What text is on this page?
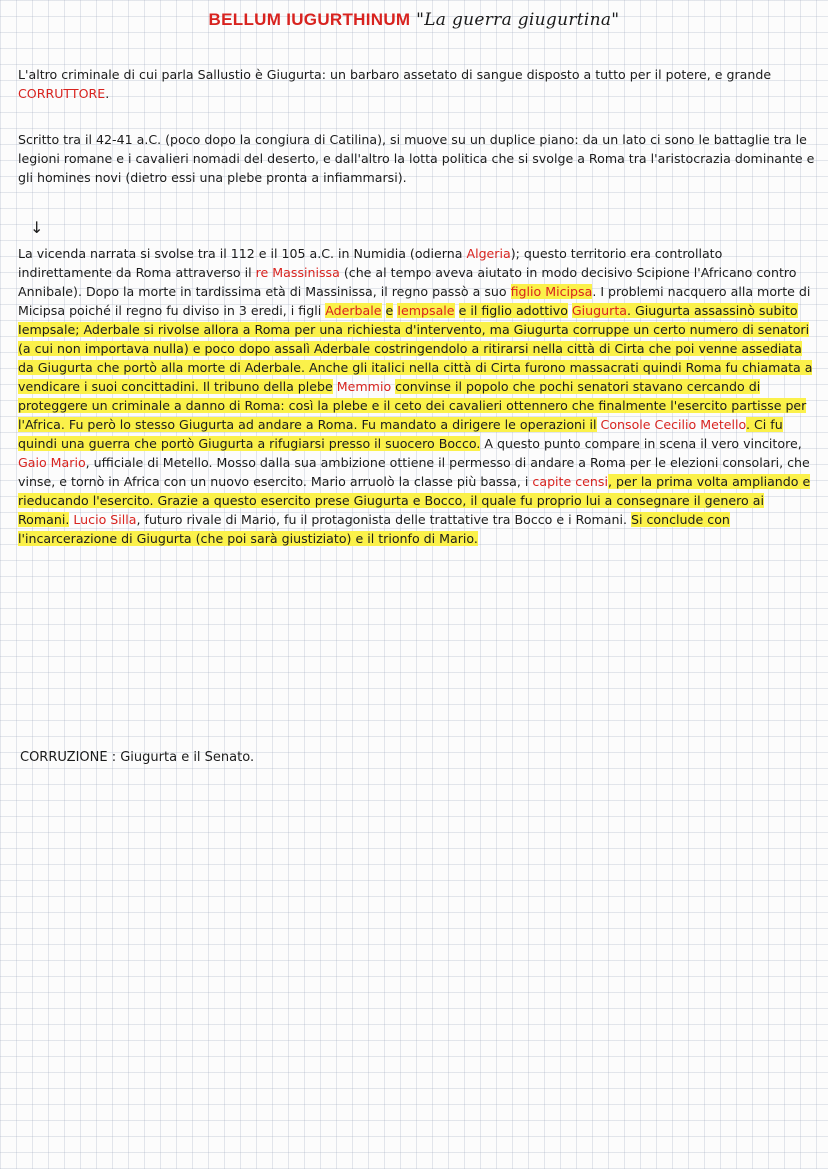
BELLUM IUGURTHINUM "La guerra giugurtina"
L'altro criminale di cui parla Sallustio è Giugurta: un barbaro assetato di sangue disposto a tutto per il potere, e grande CORRUTTORE.
Scritto tra il 42-41 a.C. (poco dopo la congiura di Catilina), si muove su un duplice piano: da un lato ci sono le battaglie tra le legioni romane e i cavalieri nomadi del deserto, e dall'altro la lotta politica che si svolge a Roma tra l'aristocrazia dominante e gli homines novi (dietro essi una plebe pronta a infiammarsi).
↓
La vicenda narrata si svolse tra il 112 e il 105 a.C. in Numidia (odierna Algeria); questo territorio era controllato indirettamente da Roma attraverso il re Massinissa (che al tempo aveva aiutato in modo decisivo Scipione l'Africano contro Annibale). Dopo la morte in tardissima età di Massinissa, il regno passò a suo figlio Micipsa. I problemi nacquero alla morte di Micipsa poiché il regno fu diviso in 3 eredi, i figli Aderbale e Iempsale e il figlio adottivo Giugurta. Giugurta assassinò subito Iempsale; Aderbale si rivolse allora a Roma per una richiesta d'intervento, ma Giugurta corruppe un certo numero di senatori (a cui non importava nulla) e poco dopo assalì Aderbale costringendolo a ritirarsi nella città di Cirta che poi venne assediata da Giugurta che portò alla morte di Aderbale. Anche gli italici nella città di Cirta furono massacrati quindi Roma fu chiamata a vendicare i suoi concittadini. Il tribuno della plebe Memmio convinse il popolo che pochi senatori stavano cercando di proteggere un criminale a danno di Roma: così la plebe e il ceto dei cavalieri ottennero che finalmente l'esercito partisse per l'Africa. Fu però lo stesso Giugurta ad andare a Roma. Fu mandato a dirigere le operazioni il Console Cecilio Metello. Ci fu quindi una guerra che portò Giugurta a rifugiarsi presso il suocero Bocco. A questo punto compare in scena il vero vincitore, Gaio Mario, ufficiale di Metello. Mosso dalla sua ambizione ottiene il permesso di andare a Roma per le elezioni consolari, che vinse, e tornò in Africa con un nuovo esercito. Mario arruolò la classe più bassa, i capite censi, per la prima volta ampliando e rieducando l'esercito. Grazie a questo esercito prese Giugurta e Bocco, il quale fu proprio lui a consegnare il genero ai Romani. Lucio Silla, futuro rivale di Mario, fu il protagonista delle trattative tra Bocco e i Romani. Si conclude con l'incarcerazione di Giugurta (che poi sarà giustiziato) e il trionfo di Mario.
CORRUZIONE : Giugurta e il Senato.
